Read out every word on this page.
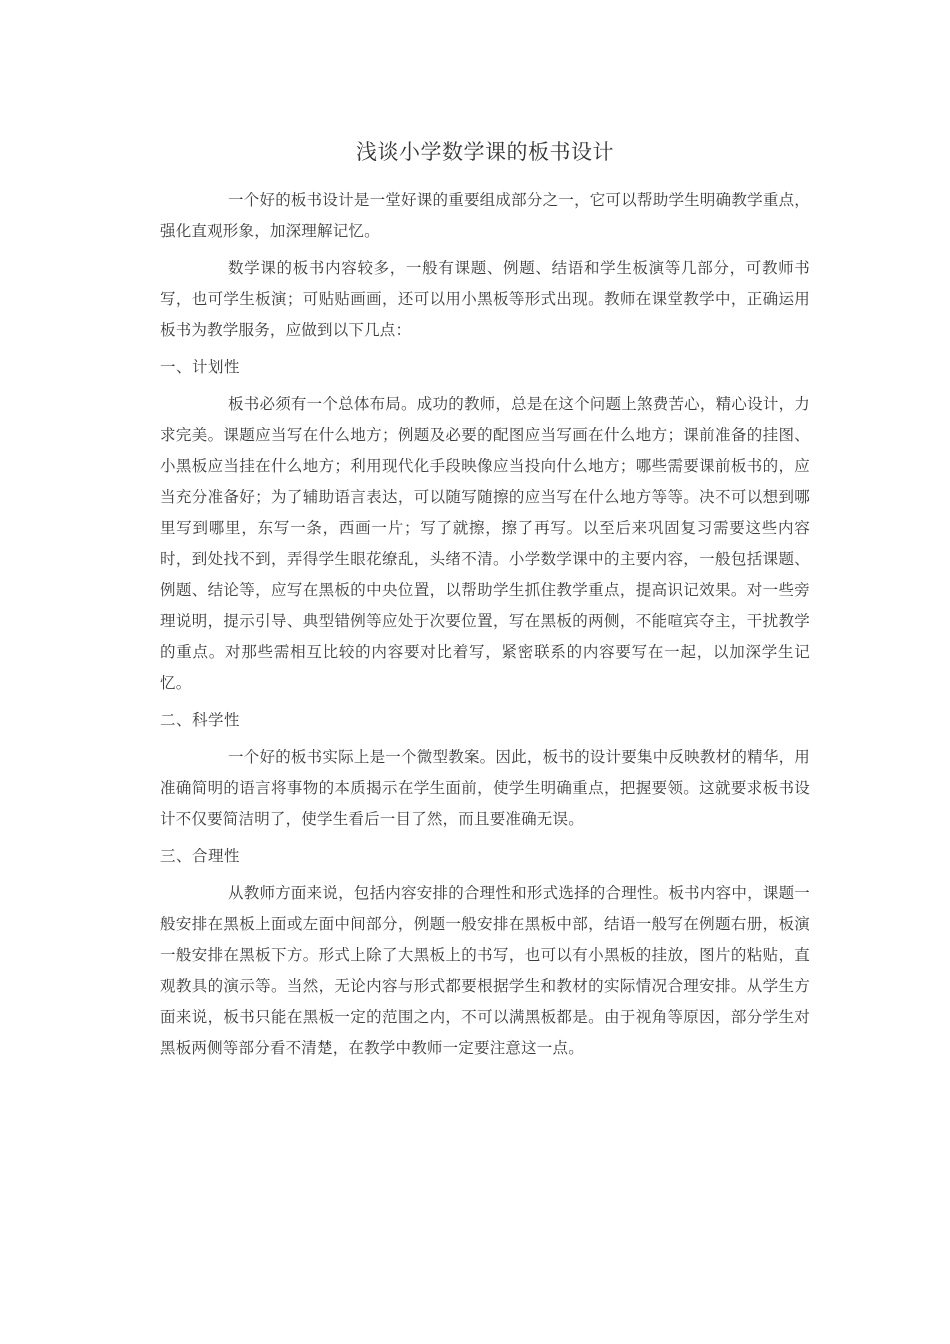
浅谈小学数学课的板书设计

一个好的板书设计是一堂好课的重要组成部分之一，它可以帮助学生明确教学重点，强化直观形象，加深理解记忆。

数学课的板书内容较多，一般有课题、例题、结语和学生板演等几部分，可教师书写，也可学生板演；可贴贴画画，还可以用小黑板等形式出现。教师在课堂教学中，正确运用板书为教学服务，应做到以下几点：

一、计划性

板书必须有一个总体布局。成功的教师，总是在这个问题上煞费苦心，精心设计，力求完美。课题应当写在什么地方；例题及必要的配图应当写画在什么地方；课前准备的挂图、小黑板应当挂在什么地方；利用现代化手段映像应当投向什么地方；哪些需要课前板书的，应当充分准备好；为了辅助语言表达，可以随写随擦的应当写在什么地方等等。决不可以想到哪里写到哪里，东写一条，西画一片；写了就擦，擦了再写。以至后来巩固复习需要这些内容时，到处找不到，弄得学生眼花缭乱，头绪不清。小学数学课中的主要内容，一般包括课题、例题、结论等，应写在黑板的中央位置，以帮助学生抓住教学重点，提高识记效果。对一些旁理说明，提示引导、典型错例等应处于次要位置，写在黑板的两侧，不能喧宾夺主，干扰教学的重点。对那些需相互比较的内容要对比着写，紧密联系的内容要写在一起，以加深学生记忆。

二、科学性

一个好的板书实际上是一个微型教案。因此，板书的设计要集中反映教材的精华，用准确简明的语言将事物的本质揭示在学生面前，使学生明确重点，把握要领。这就要求板书设计不仅要简洁明了，使学生看后一目了然，而且要准确无误。

三、合理性

从教师方面来说，包括内容安排的合理性和形式选择的合理性。板书内容中，课题一般安排在黑板上面或左面中间部分，例题一般安排在黑板中部，结语一般写在例题右册，板演一般安排在黑板下方。形式上除了大黑板上的书写，也可以有小黑板的挂放，图片的粘贴，直观教具的演示等。当然，无论内容与形式都要根据学生和教材的实际情况合理安排。从学生方面来说，板书只能在黑板一定的范围之内，不可以满黑板都是。由于视角等原因，部分学生对黑板两侧等部分看不清楚，在教学中教师一定要注意这一点。
